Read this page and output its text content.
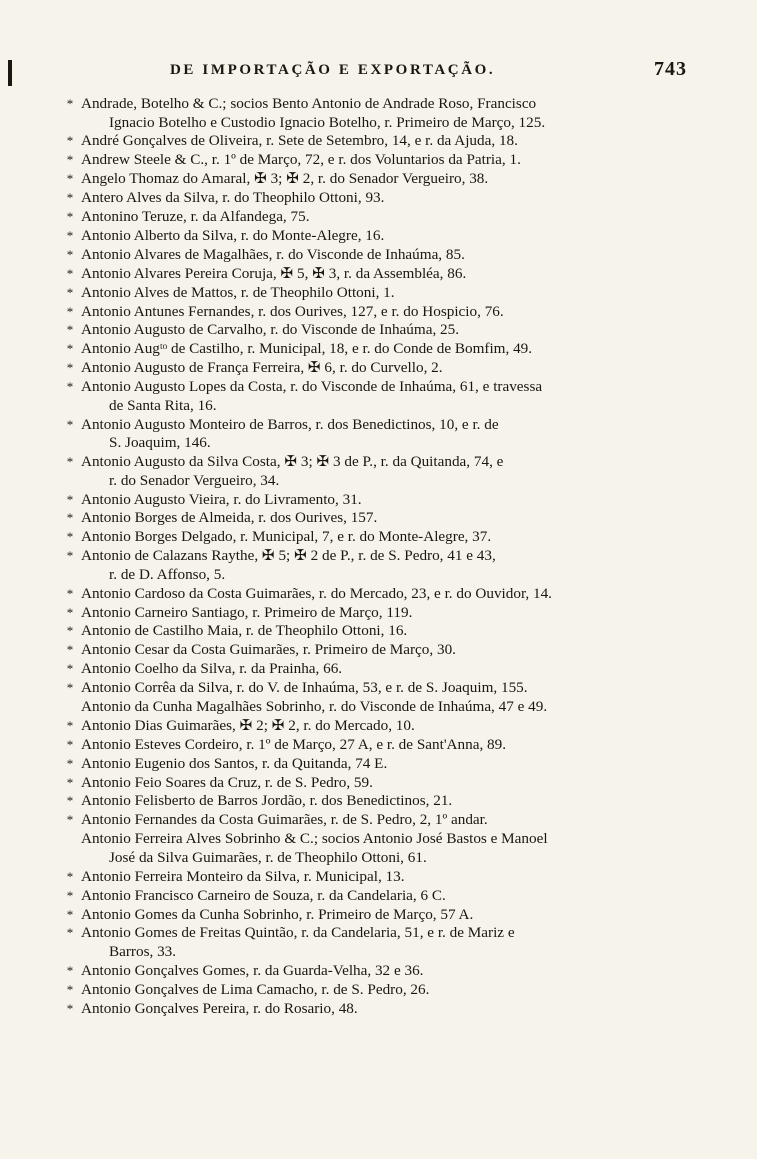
DE IMPORTAÇÃO E EXPORTAÇÃO.	743
* Andrade, Botelho & C.; socios Bento Antonio de Andrade Roso, Francisco
Ignacio Botelho e Custodio Ignacio Botelho, r. Primeiro de Março, 125.
* André Gonçalves de Oliveira, r. Sete de Setembro, 14, e r. da Ajuda, 18.
* Andrew Steele & C., r. 1º de Março, 72, e r. dos Voluntarios da Patria, 1.
* Angelo Thomaz do Amaral, ✠ 3; ✠ 2, r. do Senador Vergueiro, 38.
* Antero Alves da Silva, r. do Theophilo Ottoni, 93.
* Antonino Teruze, r. da Alfandega, 75.
* Antonio Alberto da Silva, r. do Monte-Alegre, 16.
* Antonio Alvares de Magalhães, r. do Visconde de Inhaúma, 85.
* Antonio Alvares Pereira Coruja, ✠ 5, ✠ 3, r. da Assembléa, 86.
* Antonio Alves de Mattos, r. de Theophilo Ottoni, 1.
* Antonio Antunes Fernandes, r. dos Ourives, 127, e r. do Hospicio, 76.
* Antonio Augusto de Carvalho, r. do Visconde de Inhaúma, 25.
* Antonio Augᵗᵒ de Castilho, r. Municipal, 18, e r. do Conde de Bomfim, 49.
* Antonio Augusto de França Ferreira, ✠ 6, r. do Curvello, 2.
* Antonio Augusto Lopes da Costa, r. do Visconde de Inhaúma, 61, e travessa
de Santa Rita, 16.
* Antonio Augusto Monteiro de Barros, r. dos Benedictinos, 10, e r. de
S. Joaquim, 146.
* Antonio Augusto da Silva Costa, ✠ 3; ✠ 3 de P., r. da Quitanda, 74, e
r. do Senador Vergueiro, 34.
* Antonio Augusto Vieira, r. do Livramento, 31.
* Antonio Borges de Almeida, r. dos Ourives, 157.
* Antonio Borges Delgado, r. Municipal, 7, e r. do Monte-Alegre, 37.
* Antonio de Calazans Raythe, ✠ 5; ✠ 2 de P., r. de S. Pedro, 41 e 43,
r. de D. Affonso, 5.
* Antonio Cardoso da Costa Guimarães, r. do Mercado, 23, e r. do Ouvidor, 14.
* Antonio Carneiro Santiago, r. Primeiro de Março, 119.
* Antonio de Castilho Maia, r. de Theophilo Ottoni, 16.
* Antonio Cesar da Costa Guimarães, r. Primeiro de Março, 30.
* Antonio Coelho da Silva, r. da Prainha, 66.
* Antonio Corrêa da Silva, r. do V. de Inhaúma, 53, e r. de S. Joaquim, 155.
Antonio da Cunha Magalhães Sobrinho, r. do Visconde de Inhaúma, 47 e 49.
* Antonio Dias Guimarães, ✠ 2; ✠ 2, r. do Mercado, 10.
* Antonio Esteves Cordeiro, r. 1º de Março, 27 A, e r. de Sant'Anna, 89.
* Antonio Eugenio dos Santos, r. da Quitanda, 74 E.
* Antonio Feio Soares da Cruz, r. de S. Pedro, 59.
* Antonio Felisberto de Barros Jordão, r. dos Benedictinos, 21.
* Antonio Fernandes da Costa Guimarães, r. de S. Pedro, 2, 1º andar.
Antonio Ferreira Alves Sobrinho & C.; socios Antonio José Bastos e Manoel
José da Silva Guimarães, r. de Theophilo Ottoni, 61.
* Antonio Ferreira Monteiro da Silva, r. Municipal, 13.
* Antonio Francisco Carneiro de Souza, r. da Candelaria, 6 C.
* Antonio Gomes da Cunha Sobrinho, r. Primeiro de Março, 57 A.
* Antonio Gomes de Freitas Quintão, r. da Candelaria, 51, e r. de Mariz e
Barros, 33.
* Antonio Gonçalves Gomes, r. da Guarda-Velha, 32 e 36.
* Antonio Gonçalves de Lima Camacho, r. de S. Pedro, 26.
* Antonio Gonçalves Pereira, r. do Rosario, 48.
